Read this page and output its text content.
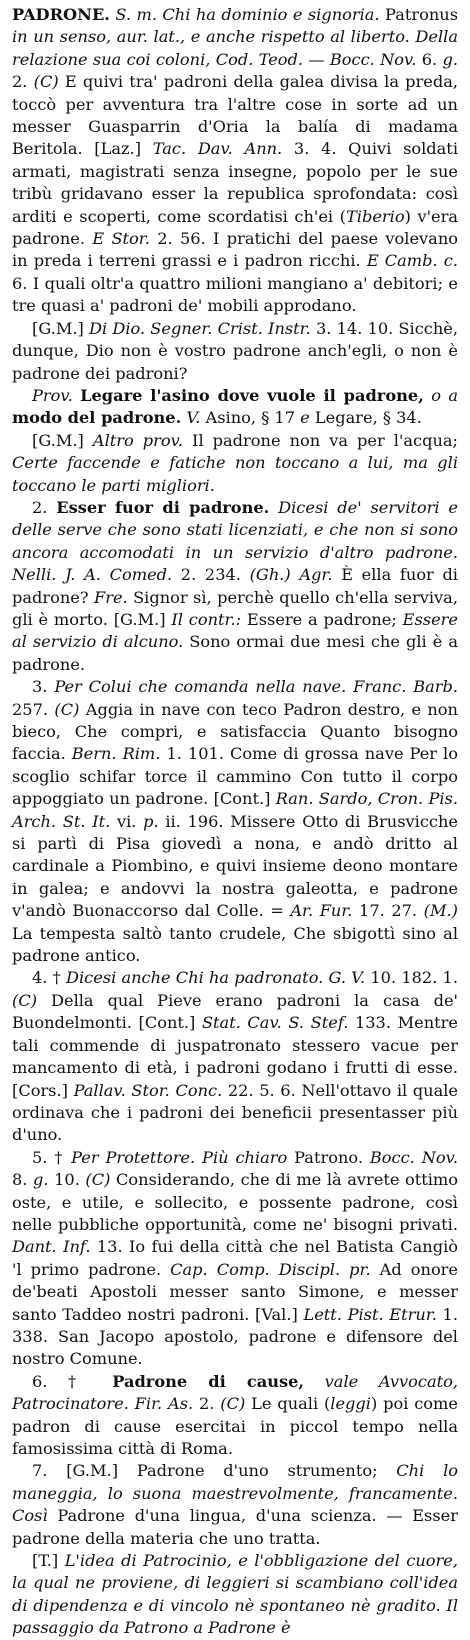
PADRONE. S. m. Chi ha dominio e signoria. Patronus in un senso, aur. lat., e anche rispetto al liberto. Della relazione sua coi coloni, Cod. Teod. — Bocc. Nov. 6. g. 2. (C) E quivi tra' padroni della galea divisa la preda, toccò per avventura tra l'altre cose in sorte ad un messer Guasparrin d'Oria la balía di madama Beritola. [Laz.] Tac. Dav. Ann. 3. 4. Quivi soldati armati, magistrati senza insegne, popolo per le sue tribù gridavano esser la republica sprofondata: così arditi e scoperti, come scordatisi ch'ei (Tiberio) v'era padrone. E Stor. 2. 56. I pratichi del paese volevano in preda i terreni grassi e i padron ricchi. E Camb. c. 6. I quali oltr'a quattro milioni mangiano a' debitori; e tre quasi a' padroni de' mobili approdano.

[G.M.] Di Dio. Segner. Crist. Instr. 3. 14. 10. Sicchè, dunque, Dio non è vostro padrone anch'egli, o non è padrone dei padroni?

Prov. Legare l'asino dove vuole il padrone, o a modo del padrone. V. Asino, § 17 e Legare, § 34.

[G.M.] Altro prov. Il padrone non va per l'acqua; Certe faccende e fatiche non toccano a lui, ma gli toccano le parti migliori.

2. Esser fuor di padrone. Dicesi de' servitori e delle serve che sono stati licenziati, e che non si sono ancora accomodati in un servizio d'altro padrone. Nelli. J. A. Comed. 2. 234. (Gh.) Agr. È ella fuor di padrone? Fre. Signor sì, perchè quello ch'ella serviva, gli è morto. [G.M.] Il contr.: Essere a padrone; Essere al servizio di alcuno. Sono ormai due mesi che gli è a padrone.

3. Per Colui che comanda nella nave. Franc. Barb. 257. (C) Aggia in nave con teco Padron destro, e non bieco, Che compri, e satisfaccia Quanto bisogno faccia. Bern. Rim. 1. 101. Come di grossa nave Per lo scoglio schifar torce il cammino Con tutto il corpo appoggiato un padrone. [Cont.] Ran. Sardo, Cron. Pis. Arch. St. It. vi. p. ii. 196. Missere Otto di Brusvicche si partì di Pisa giovedì a nona, e andò dritto al cardinale a Piombino, e quivi insieme deono montare in galea; e andovvi la nostra galeotta, e padrone v'andò Buonaccorso dal Colle. = Ar. Fur. 17. 27. (M.) La tempesta saltò tanto crudele, Che sbigottì sino al padrone antico.

4. † Dicesi anche Chi ha padronato. G. V. 10. 182. 1. (C) Della qual Pieve erano padroni la casa de' Buondelmonti. [Cont.] Stat. Cav. S. Stef. 133. Mentre tali commende di juspatronato stessero vacue per mancamento di età, i padroni godano i frutti di esse. [Cors.] Pallav. Stor. Conc. 22. 5. 6. Nell'ottavo il quale ordinava che i padroni dei beneficii presentasser più d'uno.

5. † Per Protettore. Più chiaro Patrono. Bocc. Nov. 8. g. 10. (C) Considerando, che di me là avrete ottimo oste, e utile, e sollecito, e possente padrone, così nelle pubbliche opportunità, come ne' bisogni privati. Dant. Inf. 13. Io fui della città che nel Batista Cangiò 'l primo padrone. Cap. Comp. Discipl. pr. Ad onore de'beati Apostoli messer santo Simone, e messer santo Taddeo nostri padroni. [Val.] Lett. Pist. Etrur. 1. 338. San Jacopo apostolo, padrone e difensore del nostro Comune.

6. † Padrone di cause, vale Avvocato, Patrocinatore. Fir. As. 2. (C) Le quali (leggi) poi come padron di cause esercitai in piccol tempo nella famosissima città di Roma.

7. [G.M.] Padrone d'uno strumento; Chi lo maneggia, lo suona maestrevolmente, francamente. Così Padrone d'una lingua, d'una scienza. — Esser padrone della materia che uno tratta.

[T.] L'idea di Patrocinio, e l'obbligazione del cuore, la qual ne proviene, di leggieri si scambiano coll'idea di dipendenza e di vincolo nè spontaneo nè gradito. Il passaggio da Patrono a Padrone è
